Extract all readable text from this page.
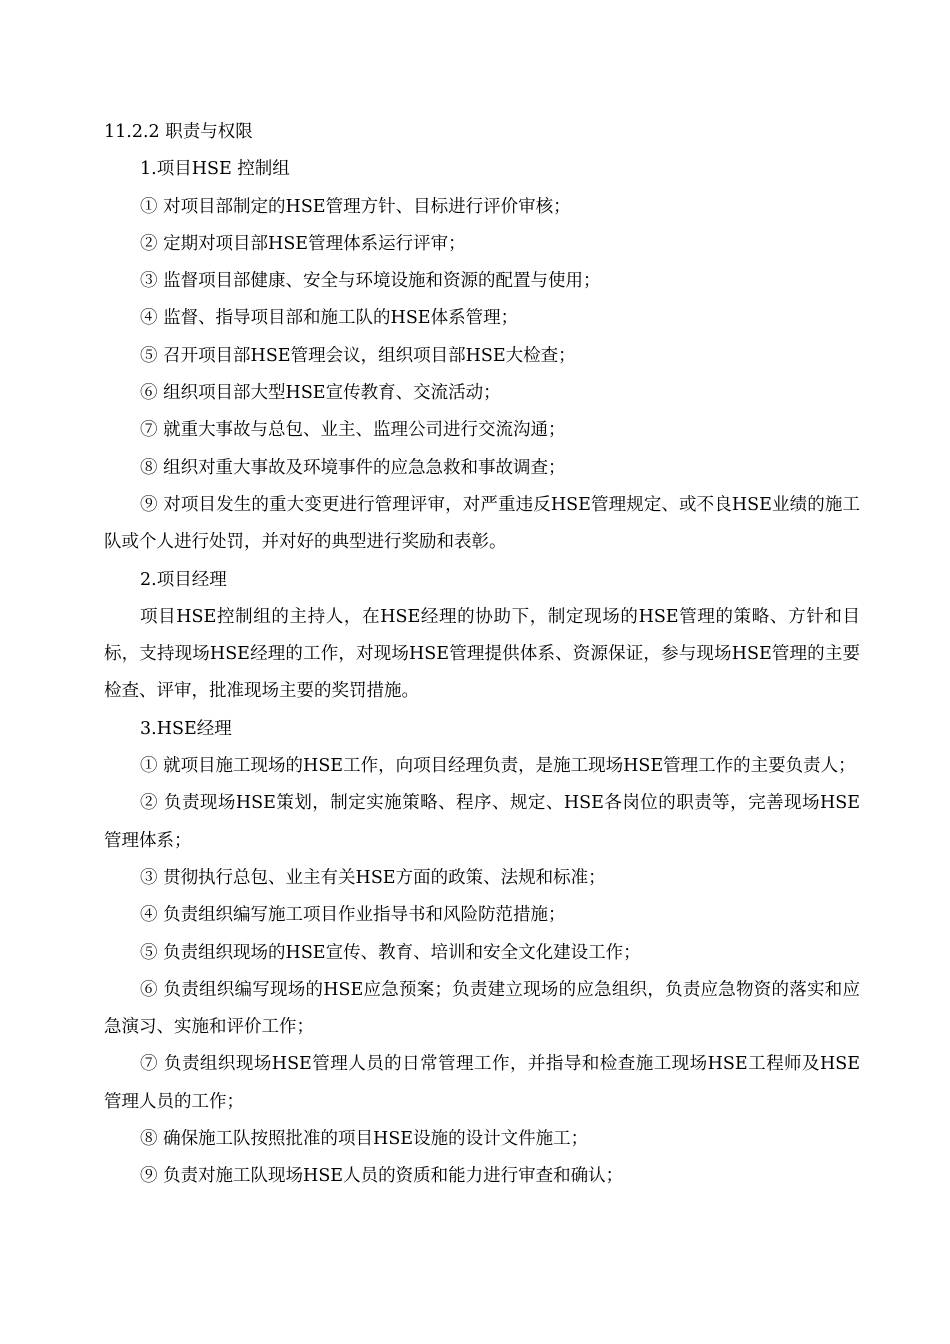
11.2.2 职责与权限

1.项目HSE 控制组

① 对项目部制定的HSE管理方针、目标进行评价审核；

② 定期对项目部HSE管理体系运行评审；

③ 监督项目部健康、安全与环境设施和资源的配置与使用；

④ 监督、指导项目部和施工队的HSE体系管理；

⑤ 召开项目部HSE管理会议，组织项目部HSE大检查；

⑥ 组织项目部大型HSE宣传教育、交流活动；

⑦ 就重大事故与总包、业主、监理公司进行交流沟通；

⑧ 组织对重大事故及环境事件的应急急救和事故调查；

⑨ 对项目发生的重大变更进行管理评审，对严重违反HSE管理规定、或不良HSE业绩的施工队或个人进行处罚，并对好的典型进行奖励和表彰。

2.项目经理

项目HSE控制组的主持人，在HSE经理的协助下，制定现场的HSE管理的策略、方针和目标，支持现场HSE经理的工作，对现场HSE管理提供体系、资源保证，参与现场HSE管理的主要检查、评审，批准现场主要的奖罚措施。

3.HSE经理

① 就项目施工现场的HSE工作，向项目经理负责，是施工现场HSE管理工作的主要负责人；

② 负责现场HSE策划，制定实施策略、程序、规定、HSE各岗位的职责等，完善现场HSE管理体系；

③ 贯彻执行总包、业主有关HSE方面的政策、法规和标准；

④ 负责组织编写施工项目作业指导书和风险防范措施；

⑤ 负责组织现场的HSE宣传、教育、培训和安全文化建设工作；

⑥ 负责组织编写现场的HSE应急预案；负责建立现场的应急组织，负责应急物资的落实和应急演习、实施和评价工作；

⑦ 负责组织现场HSE管理人员的日常管理工作，并指导和检查施工现场HSE工程师及HSE管理人员的工作；

⑧ 确保施工队按照批准的项目HSE设施的设计文件施工；

⑨ 负责对施工队现场HSE人员的资质和能力进行审查和确认；
